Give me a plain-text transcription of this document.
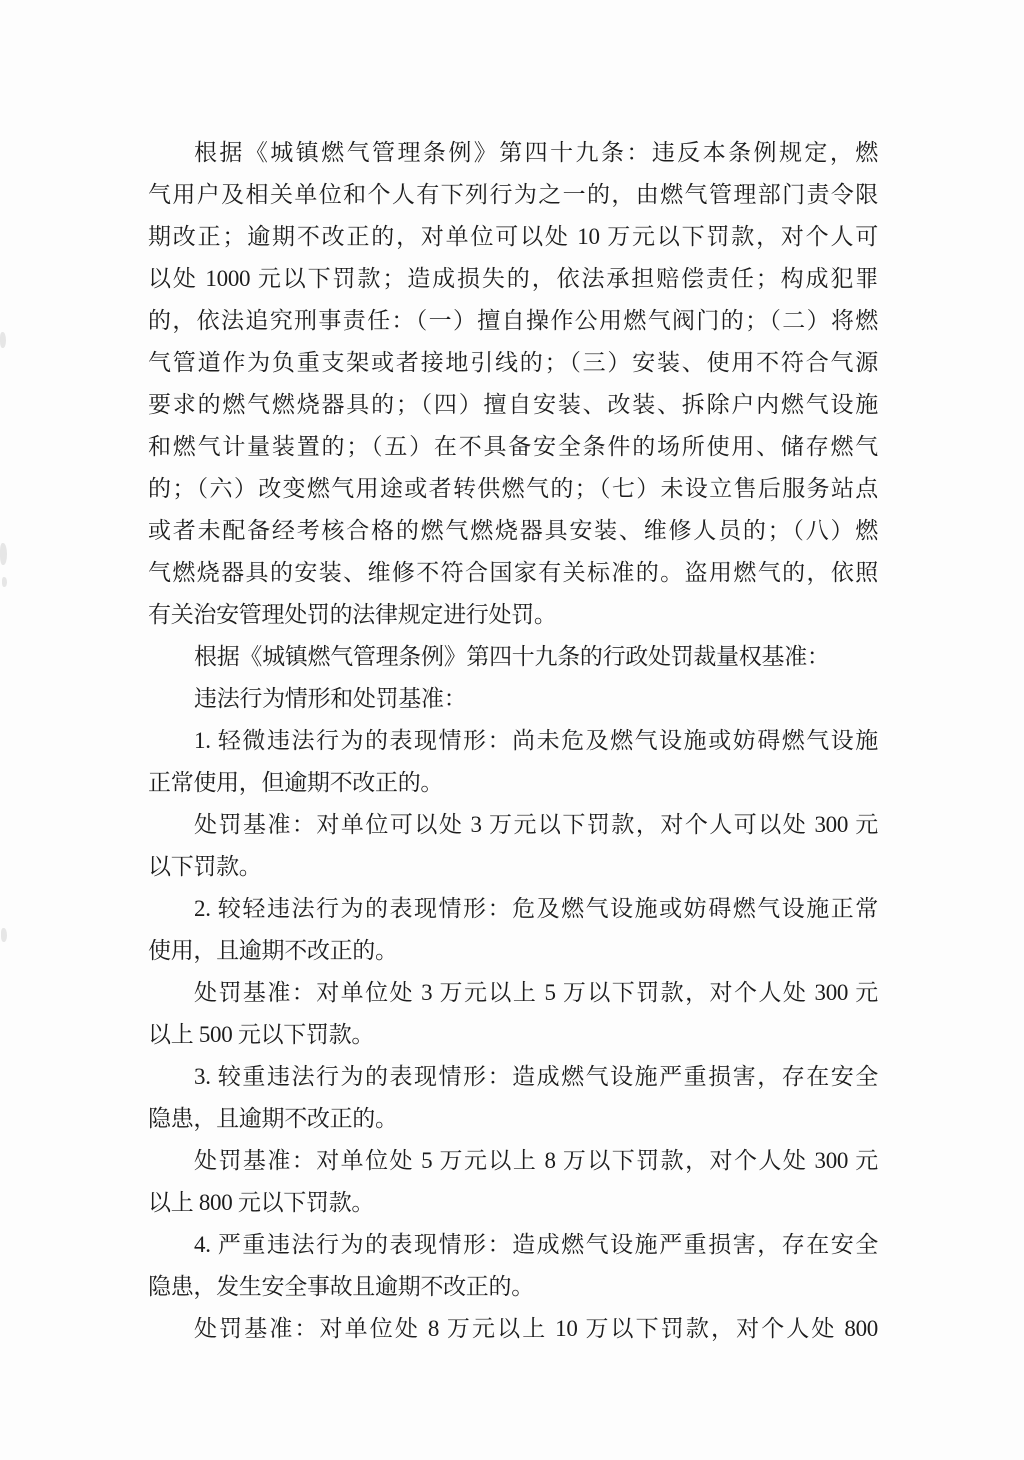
根据《城镇燃气管理条例》第四十九条：违反本条例规定，燃
气用户及相关单位和个人有下列行为之一的，由燃气管理部门责令限
期改正；逾期不改正的，对单位可以处 10 万元以下罚款，对个人可
以处 1000 元以下罚款；造成损失的，依法承担赔偿责任；构成犯罪
的，依法追究刑事责任：（一）擅自操作公用燃气阀门的；（二）将燃
气管道作为负重支架或者接地引线的；（三）安装、使用不符合气源
要求的燃气燃烧器具的；（四）擅自安装、改装、拆除户内燃气设施
和燃气计量装置的；（五）在不具备安全条件的场所使用、储存燃气
的；（六）改变燃气用途或者转供燃气的；（七）未设立售后服务站点
或者未配备经考核合格的燃气燃烧器具安装、维修人员的；（八）燃
气燃烧器具的安装、维修不符合国家有关标准的。盗用燃气的，依照
有关治安管理处罚的法律规定进行处罚。
根据《城镇燃气管理条例》第四十九条的行政处罚裁量权基准：
违法行为情形和处罚基准：
1. 轻微违法行为的表现情形：尚未危及燃气设施或妨碍燃气设施
正常使用，但逾期不改正的。
处罚基准：对单位可以处 3 万元以下罚款，对个人可以处 300 元
以下罚款。
2. 较轻违法行为的表现情形：危及燃气设施或妨碍燃气设施正常
使用，且逾期不改正的。
处罚基准：对单位处 3 万元以上 5 万以下罚款，对个人处 300 元
以上 500 元以下罚款。
3. 较重违法行为的表现情形：造成燃气设施严重损害，存在安全
隐患，且逾期不改正的。
处罚基准：对单位处 5 万元以上 8 万以下罚款，对个人处 300 元
以上 800 元以下罚款。
4. 严重违法行为的表现情形：造成燃气设施严重损害，存在安全
隐患，发生安全事故且逾期不改正的。
处罚基准：对单位处 8 万元以上 10 万以下罚款，对个人处 800
